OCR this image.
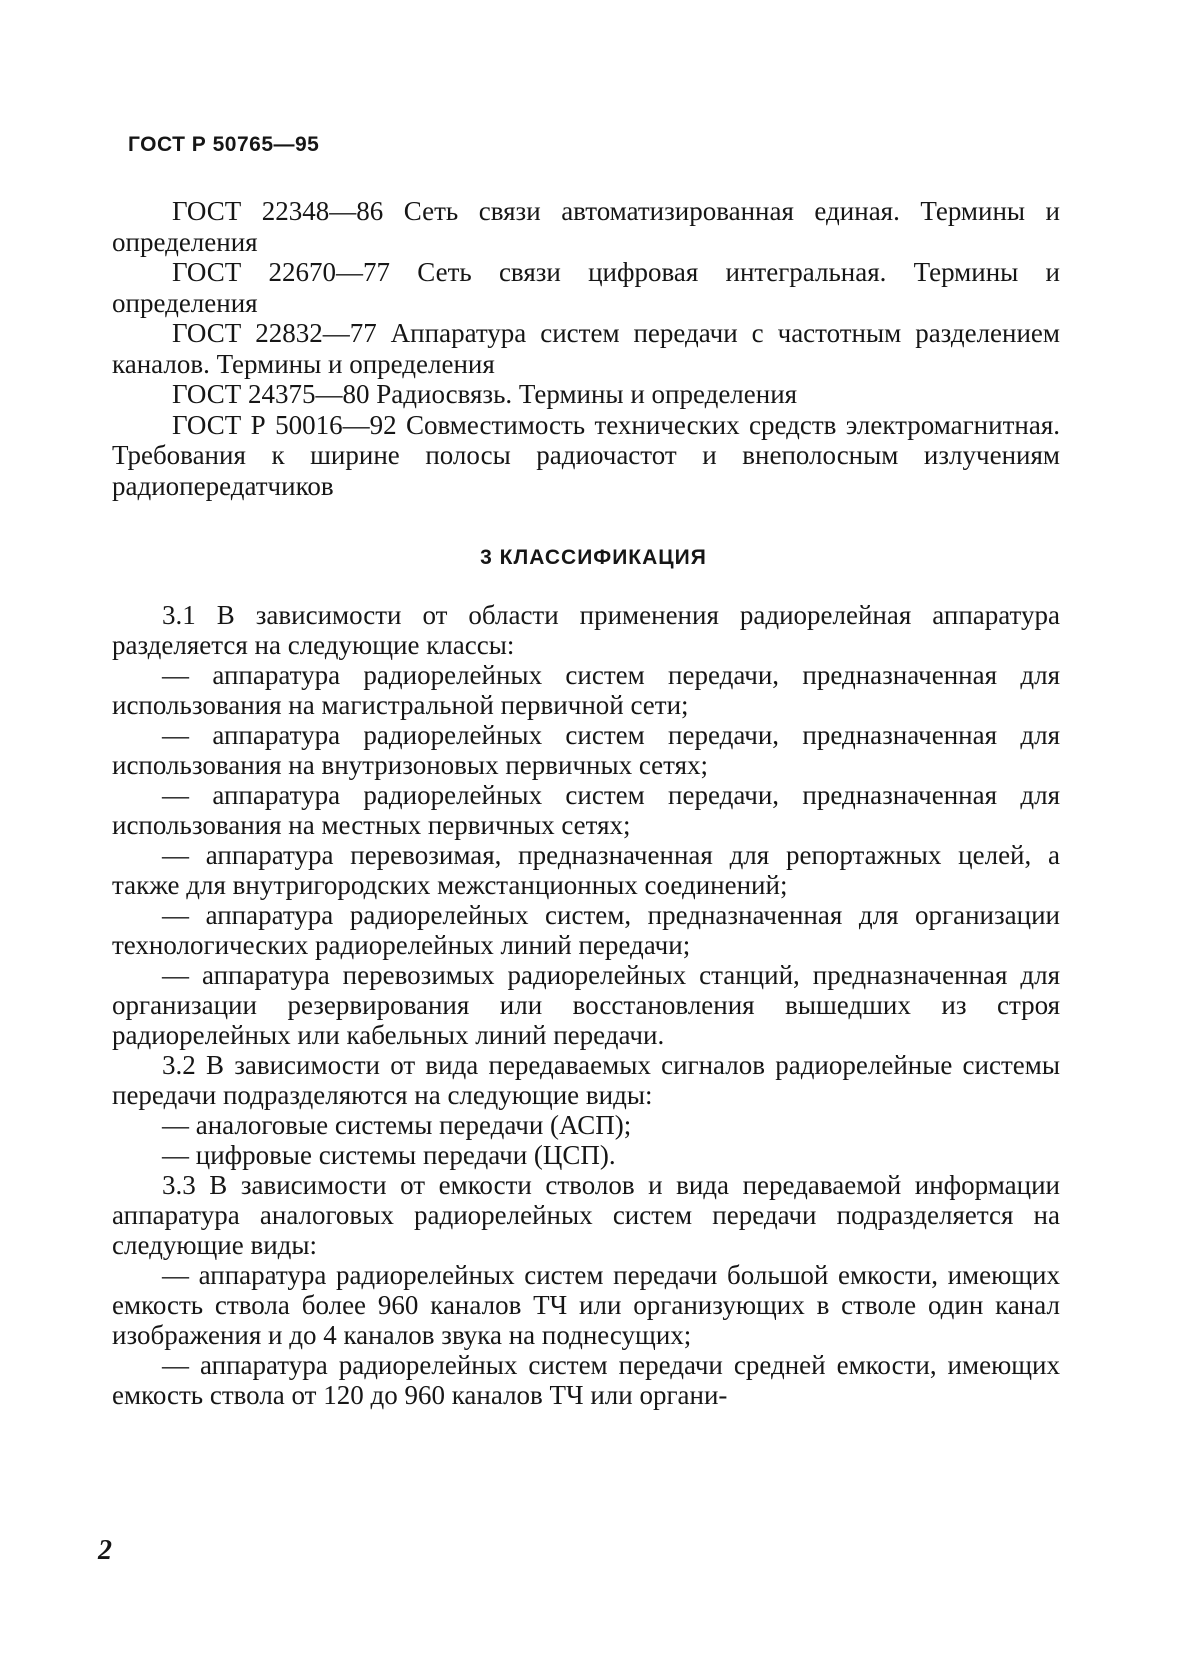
ГОСТ Р 50765—95

ГОСТ 22348—86 Сеть связи автоматизированная единая. Термины и определения

ГОСТ 22670—77 Сеть связи цифровая интегральная. Термины и определения

ГОСТ 22832—77 Аппаратура систем передачи с частотным разделением каналов. Термины и определения

ГОСТ 24375—80 Радиосвязь. Термины и определения

ГОСТ Р 50016—92 Совместимость технических средств электромагнитная. Требования к ширине полосы радиочастот и внеполосным излучениям радиопередатчиков

3 КЛАССИФИКАЦИЯ

3.1 В зависимости от области применения радиорелейная аппаратура разделяется на следующие классы:

— аппаратура радиорелейных систем передачи, предназначенная для использования на магистральной первичной сети;

— аппаратура радиорелейных систем передачи, предназначенная для использования на внутризоновых первичных сетях;

— аппаратура радиорелейных систем передачи, предназначенная для использования на местных первичных сетях;

— аппаратура перевозимая, предназначенная для репортажных целей, а также для внутригородских межстанционных соединений;

— аппаратура радиорелейных систем, предназначенная для организации технологических радиорелейных линий передачи;

— аппаратура перевозимых радиорелейных станций, предназначенная для организации резервирования или восстановления вышедших из строя радиорелейных или кабельных линий передачи.

3.2 В зависимости от вида передаваемых сигналов радиорелейные системы передачи подразделяются на следующие виды:

— аналоговые системы передачи (АСП);

— цифровые системы передачи (ЦСП).

3.3 В зависимости от емкости стволов и вида передаваемой информации аппаратура аналоговых радиорелейных систем передачи подразделяется на следующие виды:

— аппаратура радиорелейных систем передачи большой емкости, имеющих емкость ствола более 960 каналов ТЧ или организующих в стволе один канал изображения и до 4 каналов звука на поднесущих;

— аппаратура радиорелейных систем передачи средней емкости, имеющих емкость ствола от 120 до 960 каналов ТЧ или органи-

2
